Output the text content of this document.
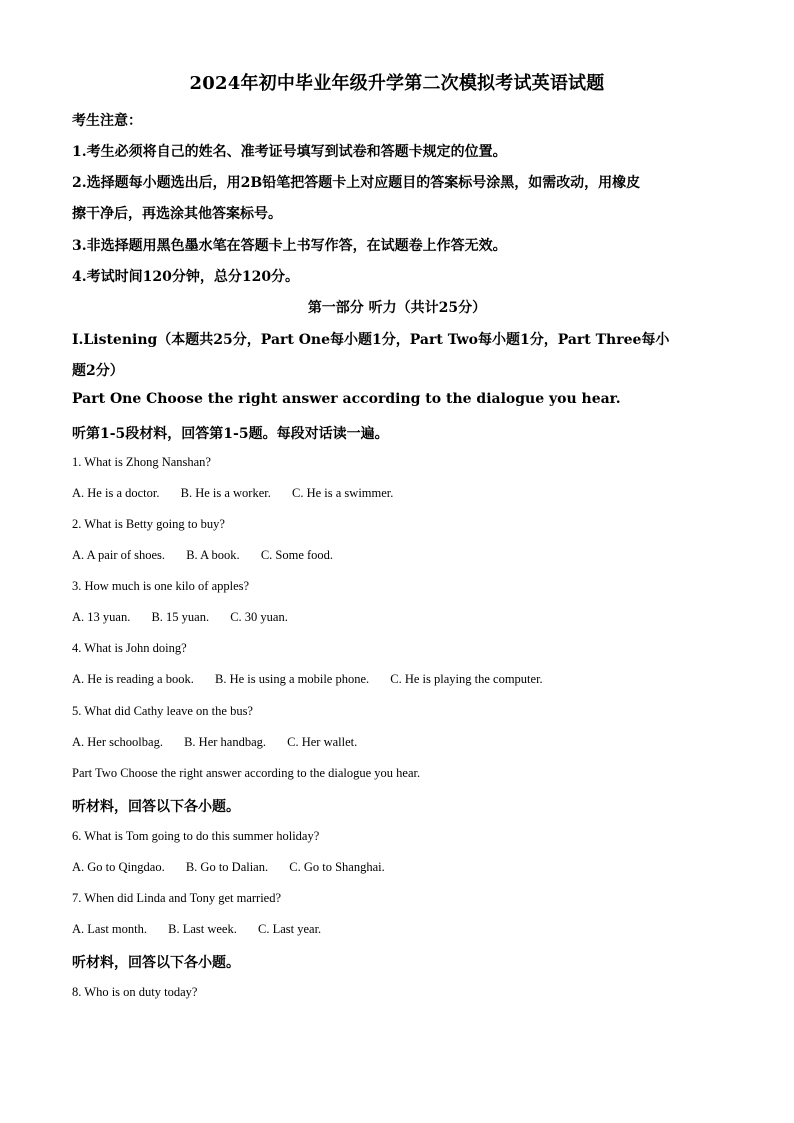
2024年初中毕业年级升学第二次模拟考试英语试题
考生注意：
1.考生必须将自己的姓名、准考证号填写到试卷和答题卡规定的位置。
2.选择题每小题选出后，用2B铅笔把答题卡上对应题目的答案标号涂黑，如需改动，用橡皮
擦干净后，再选涂其他答案标号。
3.非选择题用黑色墨水笔在答题卡上书写作答，在试题卷上作答无效。
4.考试时间120分钟，总分120分。
第一部分 听力（共计25分）
Ⅰ.Listening（本题共25分，Part One每小题1分，Part Two每小题1分，Part Three每小
题2分）
Part One Choose the right answer according to the dialogue you hear.
听第1-5段材料，回答第1-5题。每段对话读一遍。
1. What is Zhong Nanshan?
A. He is a doctor. B. He is a worker. C. He is a swimmer.
2. What is Betty going to buy?
A. A pair of shoes. B. A book. C. Some food.
3. How much is one kilo of apples?
A. 13 yuan. B. 15 yuan. C. 30 yuan.
4. What is John doing?
A. He is reading a book. B. He is using a mobile phone. C. He is playing the computer.
5. What did Cathy leave on the bus?
A. Her schoolbag. B. Her handbag. C. Her wallet.
Part Two Choose the right answer according to the dialogue you hear.
听材料，回答以下各小题。
6. What is Tom going to do this summer holiday?
A. Go to Qingdao. B. Go to Dalian. C. Go to Shanghai.
7. When did Linda and Tony get married?
A. Last month. B. Last week. C. Last year.
听材料，回答以下各小题。
8. Who is on duty today?
